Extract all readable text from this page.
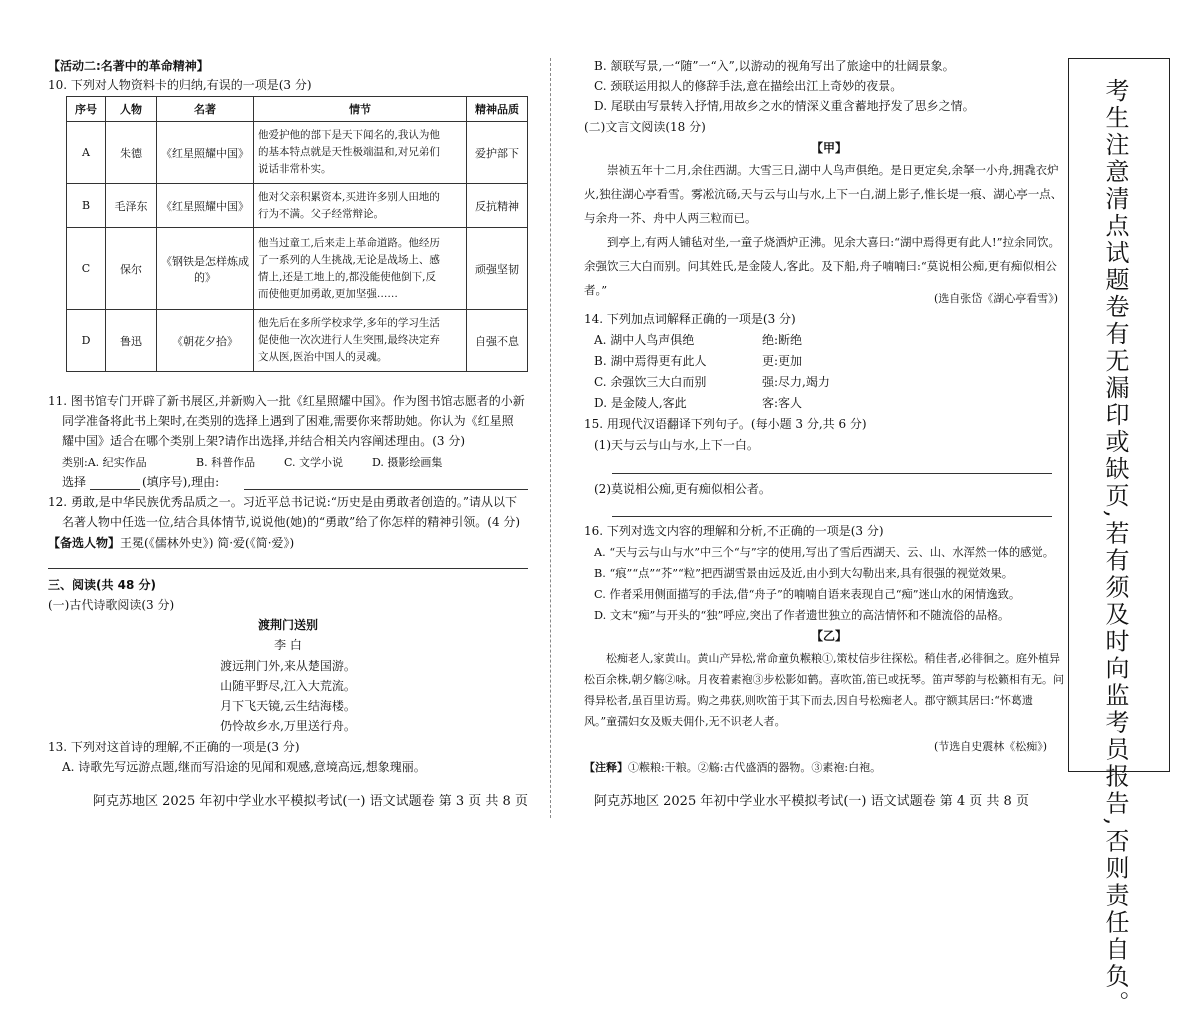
【活动二:名著中的革命精神】
10. 下列对人物资料卡的归纳,有误的一项是(3 分)
序号	人物	名著	情节	精神品质
A	朱德	《红星照耀中国》	他爱护他的部下是天下闻名的,我认为他
的基本特点就是天性极端温和,对兄弟们
说话非常朴实。	爱护部下
B	毛泽东	《红星照耀中国》	他对父亲积累资本,买进许多别人田地的
行为不满。父子经常辩论。	反抗精神
C	保尔	《钢铁是怎样炼成的》	他当过童工,后来走上革命道路。他经历
了一系列的人生挑战,无论是战场上、感
情上,还是工地上的,都没能使他倒下,反
而使他更加勇敢,更加坚强……	顽强坚韧
D	鲁迅	《朝花夕拾》	他先后在多所学校求学,多年的学习生活
促使他一次次进行人生突围,最终决定弃
文从医,医治中国人的灵魂。	自强不息
11. 图书馆专门开辟了新书展区,并新购入一批《红星照耀中国》。作为图书馆志愿者的小新
同学准备将此书上架时,在类别的选择上遇到了困难,需要你来帮助她。你认为《红星照
耀中国》适合在哪个类别上架?请作出选择,并结合相关内容阐述理由。(3 分)
类别:A. 纪实作品	B. 科普作品	C. 文学小说	D. 摄影绘画集
选择	(填序号),理由:
12. 勇敢,是中华民族优秀品质之一。习近平总书记说:“历史是由勇敢者创造的。”请从以下
名著人物中任选一位,结合具体情节,说说他(她)的“勇敢”给了你怎样的精神引领。(4 分)
【备选人物】王冕(《儒林外史》) 简·爱(《简·爱》)
三、阅读(共 48 分)
(一)古代诗歌阅读(3 分)
渡荆门送别
李 白
渡远荆门外,来从楚国游。
山随平野尽,江入大荒流。
月下飞天镜,云生结海楼。
仍怜故乡水,万里送行舟。
13. 下列对这首诗的理解,不正确的一项是(3 分)
A. 诗歌先写远游点题,继而写沿途的见闻和观感,意境高远,想象瑰丽。
阿克苏地区 2025 年初中学业水平模拟考试(一) 语文试题卷 第 3 页 共 8 页
B. 颔联写景,一“随”一“入”,以游动的视角写出了旅途中的壮阔景象。
C. 颈联运用拟人的修辞手法,意在描绘出江上奇妙的夜景。
D. 尾联由写景转入抒情,用故乡之水的情深义重含蓄地抒发了思乡之情。
(二)文言文阅读(18 分)
【甲】
崇祯五年十二月,余住西湖。大雪三日,湖中人鸟声俱绝。是日更定矣,余拏一小舟,拥毳衣炉火,独往湖心亭看雪。雾凇沆砀,天与云与山与水,上下一白,湖上影子,惟长堤一痕、湖心亭一点、与余舟一芥、舟中人两三粒而已。
到亭上,有两人铺毡对坐,一童子烧酒炉正沸。见余大喜曰:“湖中焉得更有此人!”拉余同饮。余强饮三大白而别。问其姓氏,是金陵人,客此。及下船,舟子喃喃曰:“莫说相公痴,更有痴似相公者。”
(选自张岱《湖心亭看雪》)
14. 下列加点词解释正确的一项是(3 分)
A. 湖中人鸟声俱绝	绝:断绝
B. 湖中焉得更有此人	更:更加
C. 余强饮三大白而别	强:尽力,竭力
D. 是金陵人,客此	客:客人
15. 用现代汉语翻译下列句子。(每小题 3 分,共 6 分)
(1)天与云与山与水,上下一白。
(2)莫说相公痴,更有痴似相公者。
16. 下列对选文内容的理解和分析,不正确的一项是(3 分)
A. “天与云与山与水”中三个“与”字的使用,写出了雪后西湖天、云、山、水浑然一体的感觉。
B. “痕”“点”“芥”“粒”把西湖雪景由远及近,由小到大勾勒出来,具有很强的视觉效果。
C. 作者采用侧面描写的手法,借“舟子”的喃喃自语来表现自己“痴”迷山水的闲情逸致。
D. 文末“痴”与开头的“独”呼应,突出了作者遗世独立的高洁情怀和不随流俗的品格。
【乙】
松痴老人,家黄山。黄山产异松,常命童负糇粮①,策杖信步往探松。稍佳者,必徘徊之。庭外植异松百余株,朝夕觞②咏。月夜着素袍③步松影如鹤。喜吹笛,笛已或抚琴。笛声琴韵与松籁相有无。问得异松者,虽百里访焉。购之弗获,则吹笛于其下而去,因自号松痴老人。郡守额其居曰:“怀葛遗风。”童孺妇女及贩夫佣仆,无不识老人者。
(节选自史震林《松痴》)
【注释】①糇粮:干粮。②觞:古代盛酒的器物。③素袍:白袍。
阿克苏地区 2025 年初中学业水平模拟考试(一) 语文试题卷 第 4 页 共 8 页	考生注意清点试题卷有无漏印或缺页,若有须及时向监考员报告,否则责任自负。
